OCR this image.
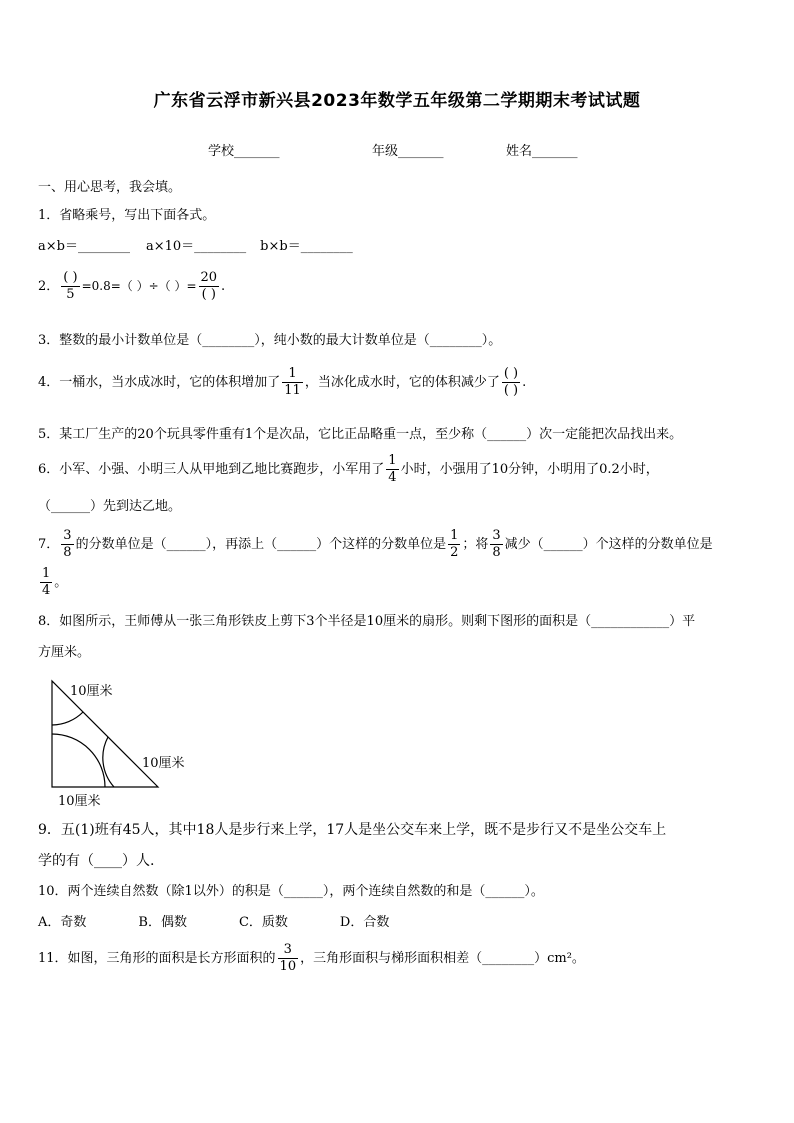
广东省云浮市新兴县2023年数学五年级第二学期期末考试试题
学校_______	年级_______	姓名_______
一、用心思考，我会填。
1．省略乘号，写出下面各式。
a×b＝________ a×10＝________ b×b＝________
2． $\frac{( )}{5} =0.8=$（ ）÷（ ）= $\frac{20}{( )}$ .
3．整数的最小计数单位是（________），纯小数的最大计数单位是（________）。
4．一桶水，当水成冰时，它的体积增加了 $\frac{1}{11}$ ，当冰化成水时，它的体积减少了 $\frac{( )}{( )}$ .
5．某工厂生产的20个玩具零件重有1个是次品，它比正品略重一点，至少称（______）次一定能把次品找出来。
6．小军、小强、小明三人从甲地到乙地比赛跑步，小军用了 $\frac{1}{4}$ 小时，小强用了10分钟，小明用了0.2小时，
（______）先到达乙地。
7． $\frac{3}{8}$ 的分数单位是（______），再添上（______）个这样的分数单位是 $\frac{1}{2}$ ；将 $\frac{3}{8}$ 减少（______）个这样的分数单位是
$\frac{1}{4}$ 。
8．如图所示，王师傅从一张三角形铁皮上剪下3个半径是10厘米的扇形。则剩下图形的面积是（____________）平
方厘米。
10厘米
10厘米
10厘米
9．五(1)班有45人，其中18人是步行来上学，17人是坐公交车来上学，既不是步行又不是坐公交车上
学的有（____）人.
10．两个连续自然数（除1以外）的积是（______），两个连续自然数的和是（______）。
A．奇数	B．偶数	C．质数	D．合数
11．如图，三角形的面积是长方形面积的 $\frac{3}{10}$ ，三角形面积与梯形面积相差（________）cm²。
